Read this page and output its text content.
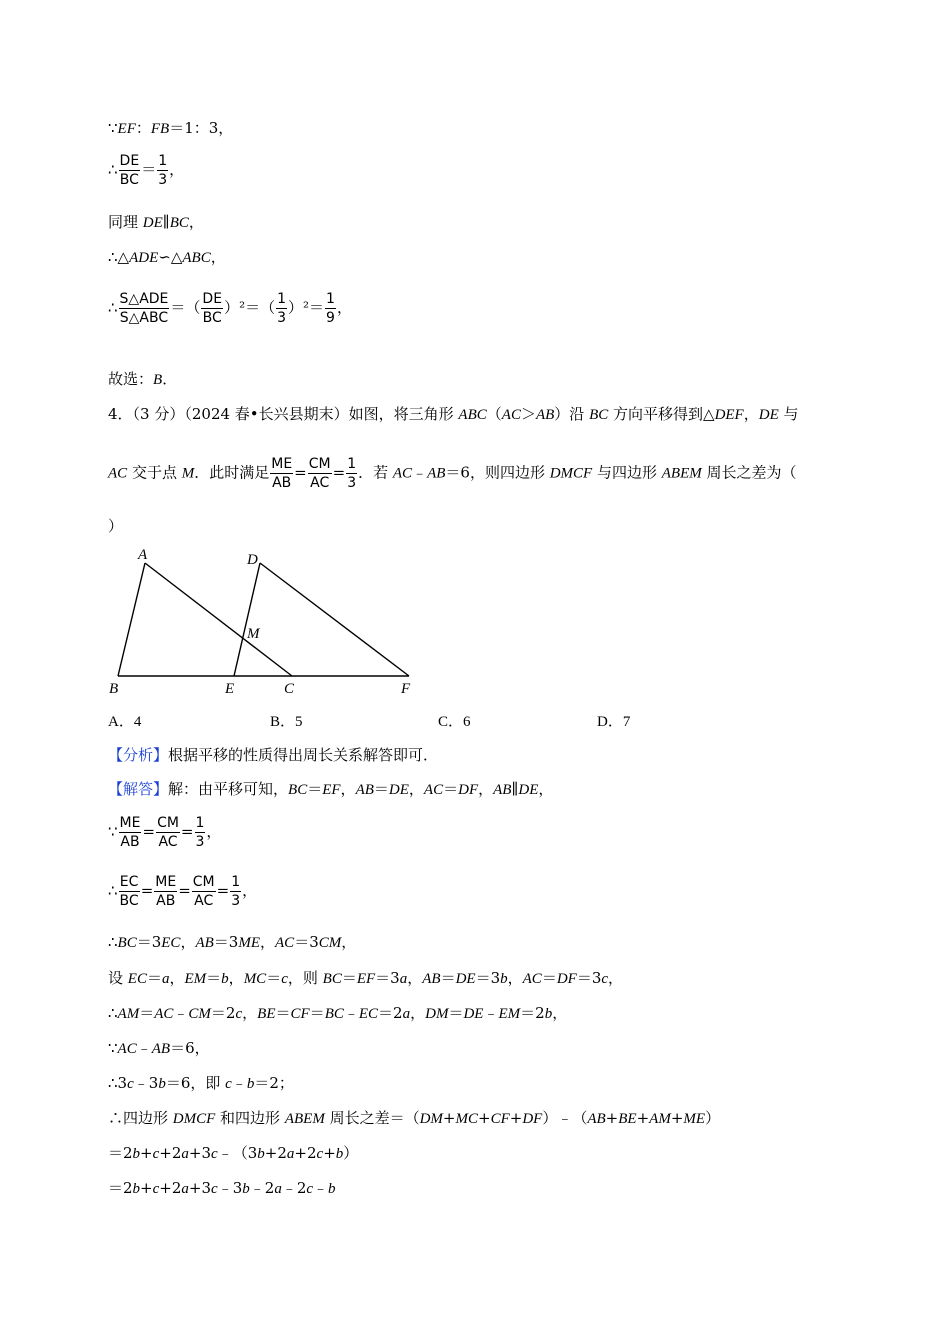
∵EF：FB＝1：3，
∴ $\frac{DE}{BC} = \frac{1}{3}$ ，
同理 DE∥BC，
∴△ADE∽△ABC，
∴ $\frac{\text{S△ADE}}{\text{S△ABC}}$ ＝（ $\frac{DE}{BC} )^2=( \frac{1}{3} )^2= \frac{1}{9}$ ，
故选：B．
4．（3 分）（2024 春•长兴县期末）如图，将三角形 ABC（AC＞AB）沿 BC 方向平移得到△DEF，DE 与
AC 交于点 M．此时满足 $\frac{ME}{AB} = \frac{CM}{AC} = \frac{1}{3}$ ．若 AC﹣AB＝6，则四边形 DMCF 与四边形 ABEM 周长之差为（
）
A
B	E	C	F
D
M
A．4	B．5	C．6	D．7
【分析】根据平移的性质得出周长关系解答即可．
【解答】解：由平移可知，BC＝EF，AB＝DE，AC＝DF，AB∥DE，
∵ $\frac{ME}{AB} = \frac{CM}{AC} = \frac{1}{3}$ ，
∴ $\frac{EC}{BC} = \frac{ME}{AB} = \frac{CM}{AC} = \frac{1}{3}$ ，
∴BC＝3EC，AB＝3ME，AC＝3CM，
设 EC＝a，EM＝b，MC＝c，则 BC＝EF＝3a，AB＝DE＝3b，AC＝DF＝3c，
∴AM＝AC﹣CM＝2c，BE＝CF＝BC﹣EC＝2a，DM＝DE﹣EM＝2b，
∵AC﹣AB＝6，
∴3c﹣3b＝6，即 c﹣b＝2；
∴四边形 DMCF 和四边形 ABEM 周长之差＝（DM+MC+CF+DF）﹣（AB+BE+AM+ME）
＝2b+c+2a+3c﹣（3b+2a+2c+b）
＝2b+c+2a+3c﹣3b﹣2a﹣2c﹣b
